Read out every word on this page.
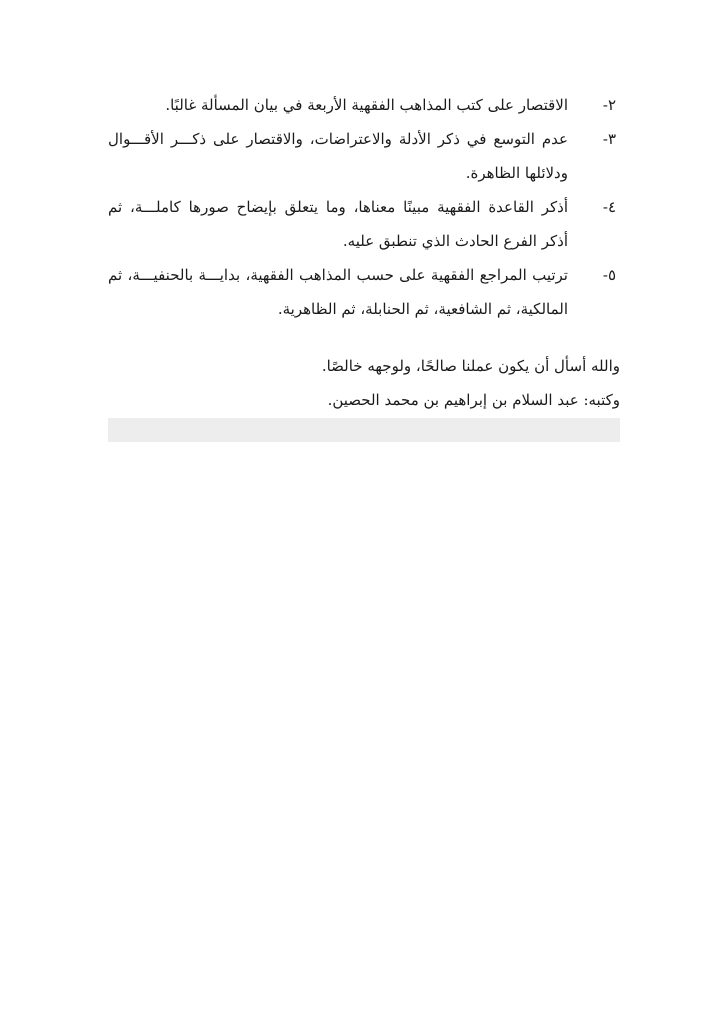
٢-
الاقتصار على كتب المذاهب الفقهية الأربعة في بيان المسألة غالبًا.
٣-
عدم التوسع في ذكر الأدلة والاعتراضات، والاقتصار على ذكـــر الأقـــوال ودلائلها الظاهرة.
٤-
أذكر القاعدة الفقهية مبينًا معناها، وما يتعلق بإيضاح صورها كاملـــة، ثم أذكر الفرع الحادث الذي تنطبق عليه.
٥-
ترتيب المراجع الفقهية على حسب المذاهب الفقهية، بدايـــة بالحنفيـــة، ثم المالكية، ثم الشافعية، ثم الحنابلة، ثم الظاهرية.

والله أسأل أن يكون عملنا صالحًا، ولوجهه خالصًا.

وكتبه: عبد السلام بن إبراهيم بن محمد الحصين.
